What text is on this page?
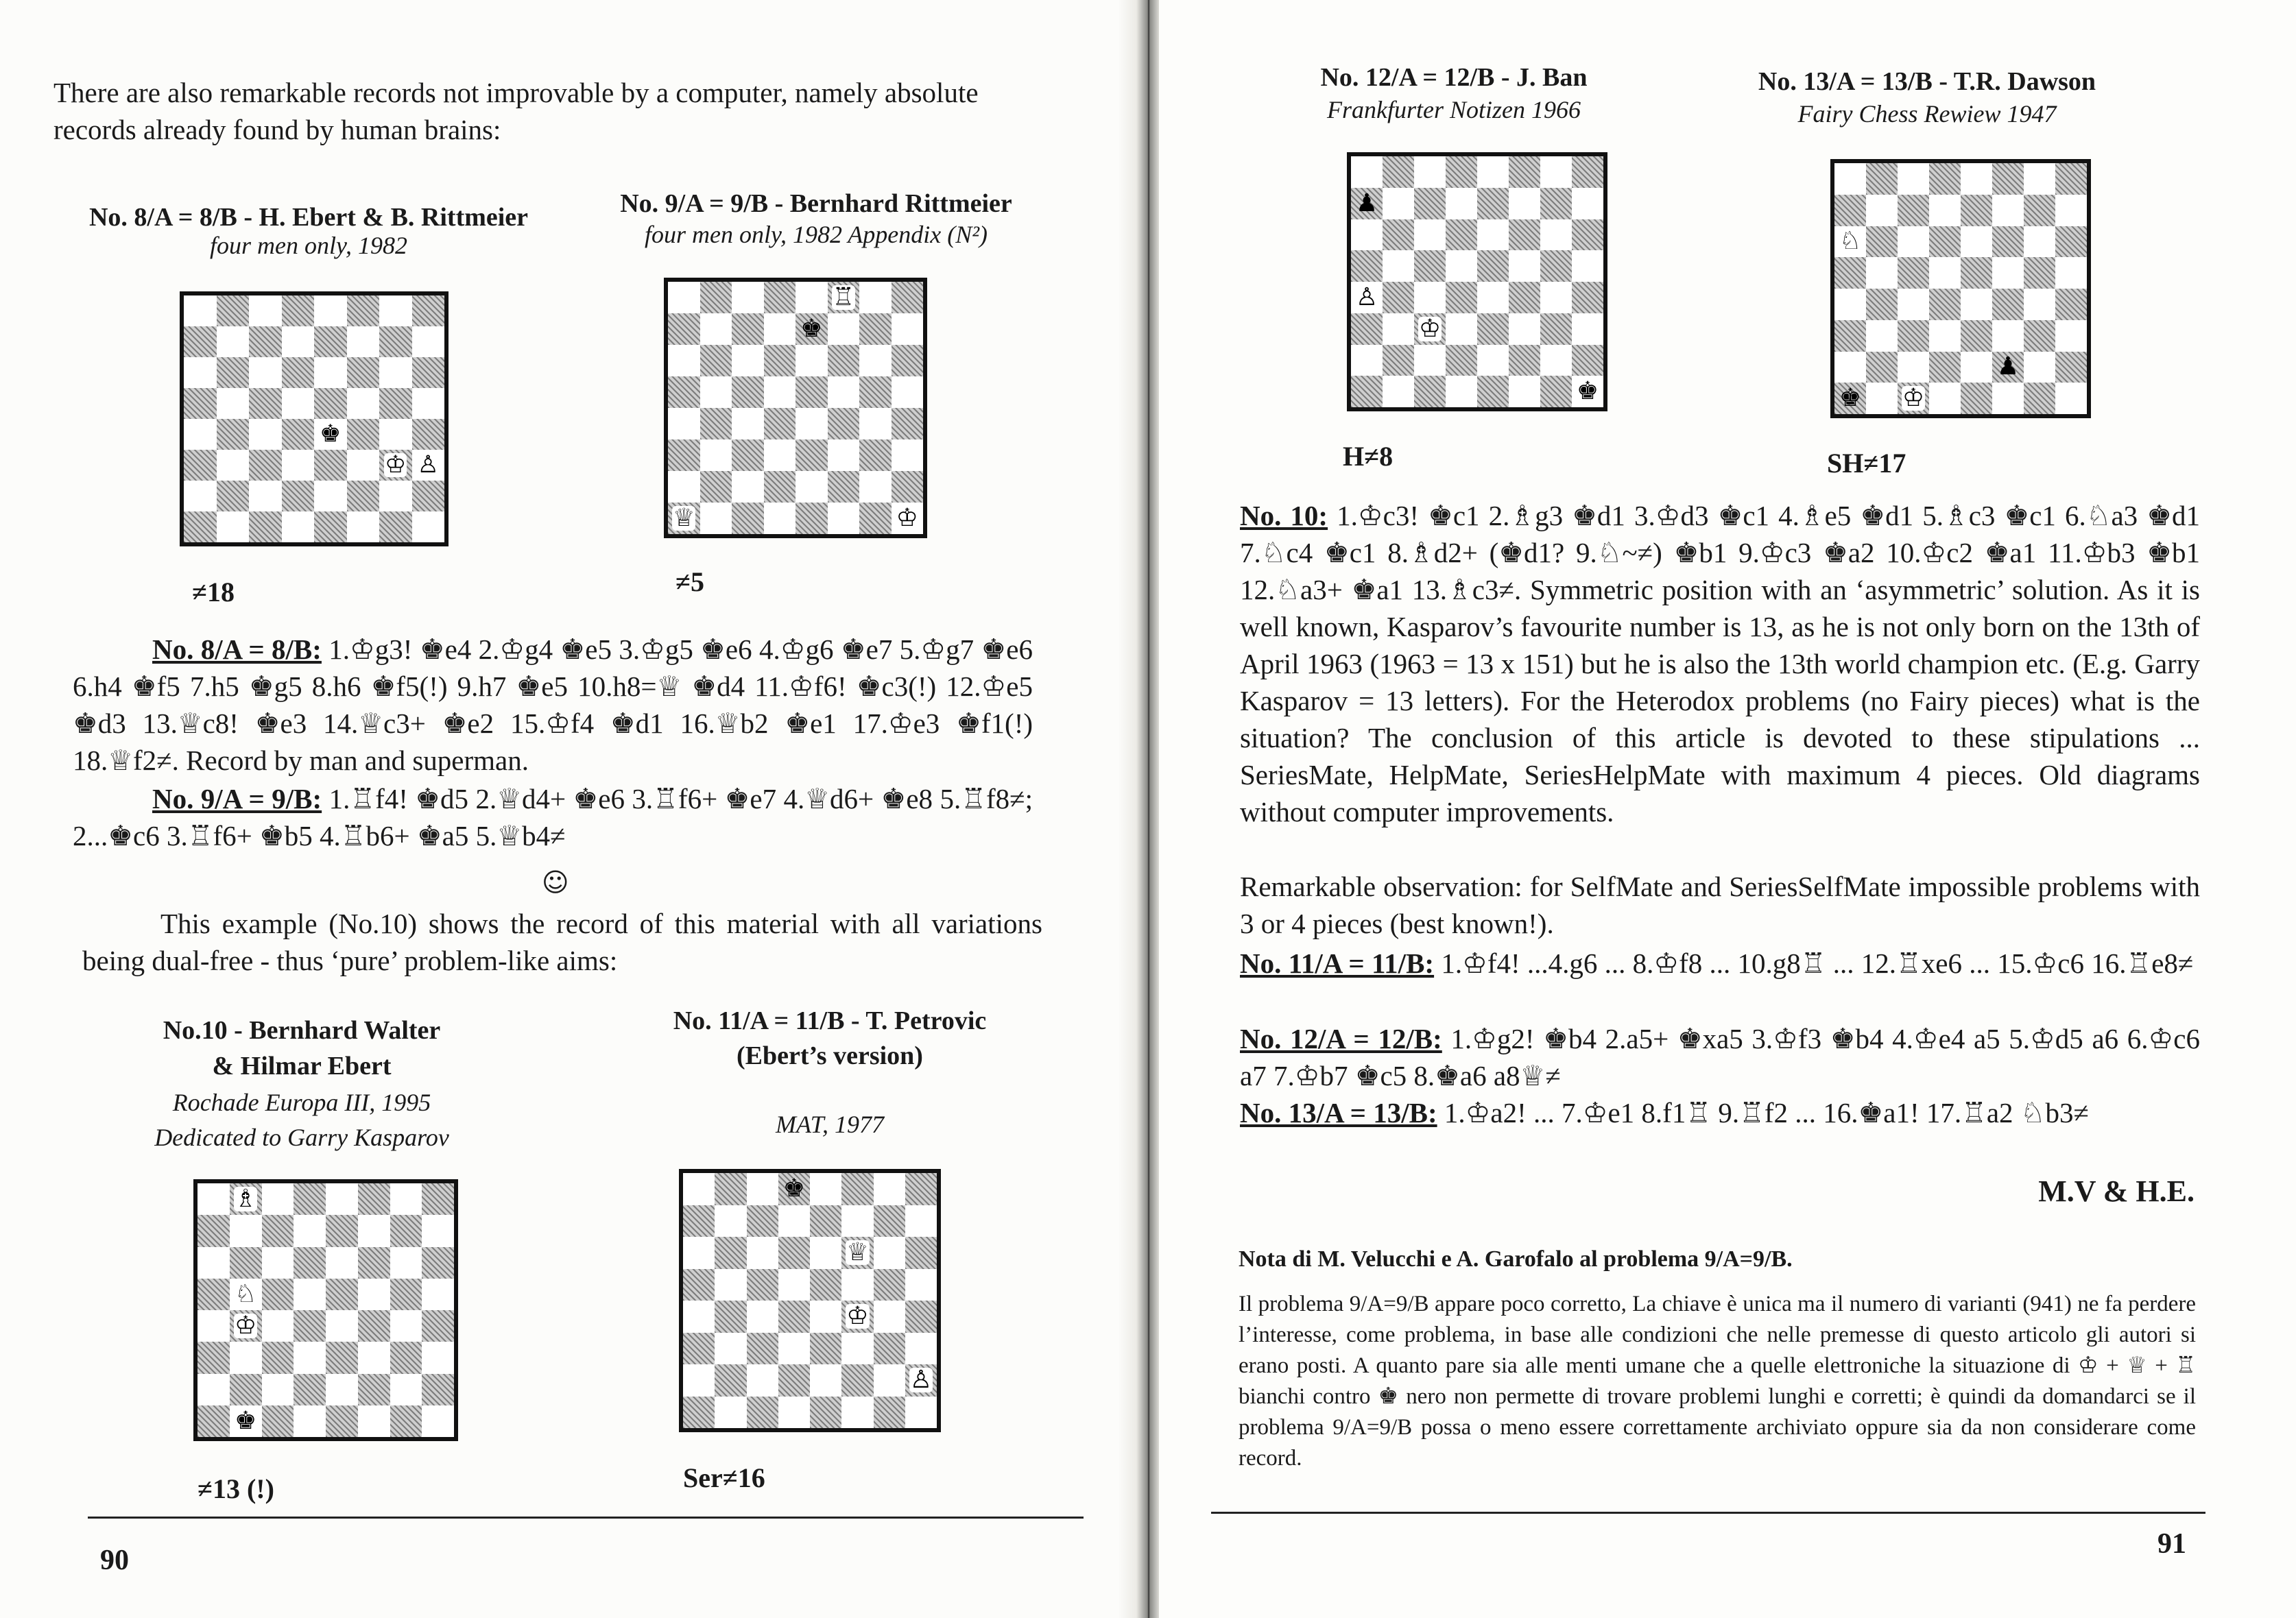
There are also remarkable records not improvable by a computer, namely absolute records already found by human brains:
No. 8/A = 8/B - H. Ebert & B. Rittmeier
four men only, 1982
♚
♔ ♙
≠18
No. 9/A = 9/B - Bernhard Rittmeier
four men only, 1982 Appendix (N²)
♖
♚
♕	♔
≠5
No. 8/A = 8/B: 1.♔g3! ♚e4 2.♔g4 ♚e5 3.♔g5 ♚e6 4.♔g6 ♚e7 5.♔g7 ♚e6 6.h4 ♚f5 7.h5 ♚g5 8.h6 ♚f5(!) 9.h7 ♚e5 10.h8=♕ ♚d4 11.♔f6! ♚c3(!) 12.♔e5 ♚d3 13.♕c8! ♚e3 14.♕c3+ ♚e2 15.♔f4 ♚d1 16.♕b2 ♚e1 17.♔e3 ♚f1(!) 18.♕f2≠. Record by man and superman.
No. 9/A = 9/B: 1.♖f4! ♚d5 2.♕d4+ ♚e6 3.♖f6+ ♚e7 4.♕d6+ ♚e8 5.♖f8≠; 2...♚c6 3.♖f6+ ♚b5 4.♖b6+ ♚a5 5.♕b4≠
☺
This example (No.10) shows the record of this material with all variations being dual-free - thus ‘pure’ problem-like aims:
No.10 - Bernhard Walter
& Hilmar Ebert
Rochade Europa III, 1995
Dedicated to Garry Kasparov
♗
♘
♔
♚
≠13 (!)
No. 11/A = 11/B - T. Petrovic
(Ebert’s version)
MAT, 1977
♚
♕
♔
♙
Ser≠16
90
No. 12/A = 12/B - J. Ban
Frankfurter Notizen 1966
♟
♙
♔
♚
H≠8
No. 13/A = 13/B - T.R. Dawson
Fairy Chess Rewiew 1947
♘
♟
♚ ♔
SH≠17
No. 10: 1.♔c3! ♚c1 2.♗g3 ♚d1 3.♔d3 ♚c1 4.♗e5 ♚d1 5.♗c3 ♚c1 6.♘a3 ♚d1 7.♘c4 ♚c1 8.♗d2+ (♚d1? 9.♘~≠) ♚b1 9.♔c3 ♚a2 10.♔c2 ♚a1 11.♔b3 ♚b1 12.♘a3+ ♚a1 13.♗c3≠. Symmetric position with an ‘asymmetric’ solution. As it is well known, Kasparov’s favourite number is 13, as he is not only born on the 13th of April 1963 (1963 = 13 x 151) but he is also the 13th world champion etc. (E.g. Garry Kasparov = 13 letters). For the Heterodox problems (no Fairy pieces) what is the situation? The conclusion of this article is devoted to these stipulations ... SeriesMate, HelpMate, SeriesHelpMate with maximum 4 pieces. Old diagrams without computer improvements.
Remarkable observation: for SelfMate and SeriesSelfMate impossible problems with 3 or 4 pieces (best known!).
No. 11/A = 11/B: 1.♔f4! ...4.g6 ... 8.♔f8 ... 10.g8♖ ... 12.♖xe6 ... 15.♔c6 16.♖e8≠
No. 12/A = 12/B: 1.♔g2! ♚b4 2.a5+ ♚xa5 3.♔f3 ♚b4 4.♔e4 a5 5.♔d5 a6 6.♔c6 a7 7.♔b7 ♚c5 8.♚a6 a8♕≠
No. 13/A = 13/B: 1.♔a2! ... 7.♔e1 8.f1♖ 9.♖f2 ... 16.♚a1! 17.♖a2 ♘b3≠
M.V & H.E.
Nota di M. Velucchi e A. Garofalo al problema 9/A=9/B.
Il problema 9/A=9/B appare poco corretto, La chiave è unica ma il numero di varianti (941) ne fa perdere l’interesse, come problema, in base alle condizioni che nelle premesse di questo articolo gli autori si erano posti. A quanto pare sia alle menti umane che a quelle elettroniche la situazione di ♔ + ♕ + ♖ bianchi contro ♚ nero non permette di trovare problemi lunghi e corretti; è quindi da domandarci se il problema 9/A=9/B possa o meno essere correttamente archiviato oppure sia da non considerare come record.
91
